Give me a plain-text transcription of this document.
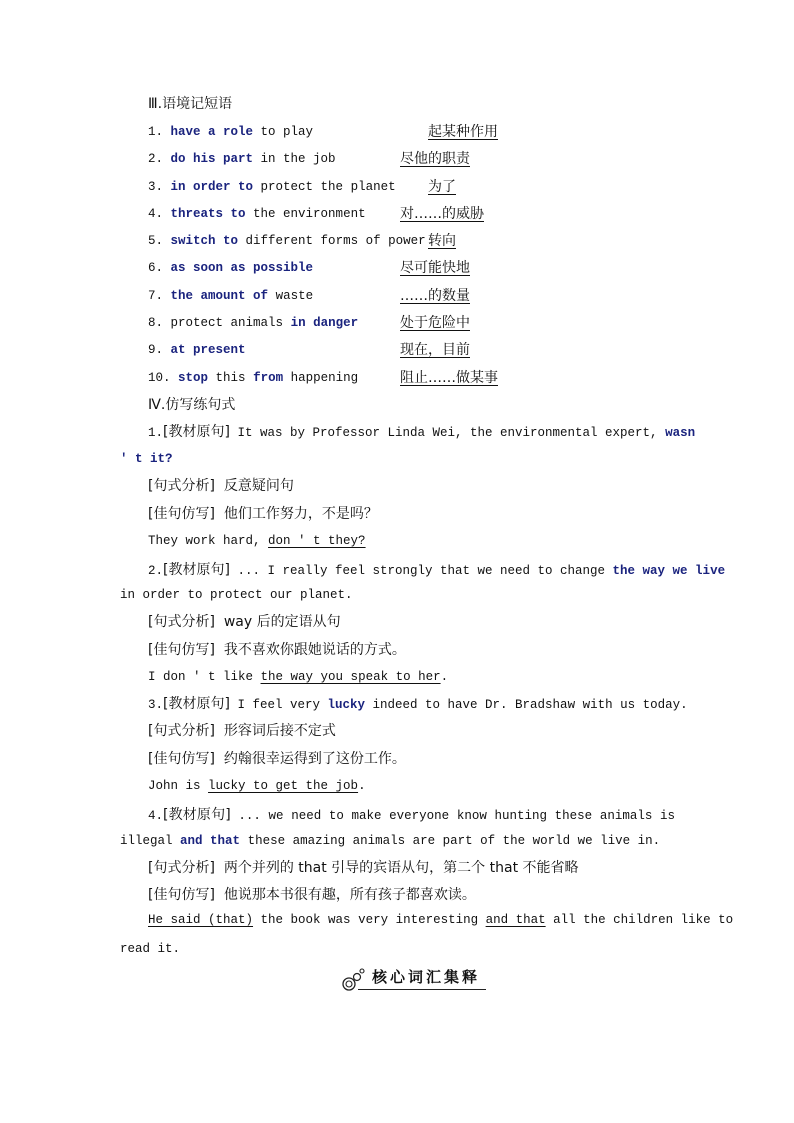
Ⅲ.语境记短语
1. have a role to play	起某种作用
2. do his part in the job	尽他的职责
3. in order to protect the planet 为了
4. threats to the environment 对……的威胁
5. switch to different forms of power 转向
6. as soon as possible	尽可能快地
7. the amount of waste	……的数量
8. protect animals in danger	处于危险中
9. at present	现在，目前
10. stop this from happening	阻止……做某事
Ⅳ.仿写练句式
1.[教材原句] It was by Professor Linda Wei, the environmental expert, wasn
' t it?
[句式分析] 反意疑问句
[佳句仿写] 他们工作努力，不是吗？
They work hard, don ' t they?
2.[教材原句] ... I really feel strongly that we need to change the way we live
in order to protect our planet.
[句式分析] way 后的定语从句
[佳句仿写] 我不喜欢你跟她说话的方式。
I don ' t like the way you speak to her.
3.[教材原句] I feel very lucky indeed to have Dr. Bradshaw with us today.
[句式分析] 形容词后接不定式
[佳句仿写] 约翰很幸运得到了这份工作。
John is lucky to get the job.
4.[教材原句] ... we need to make everyone know hunting these animals is
illegal and that these amazing animals are part of the world we live in.
[句式分析] 两个并列的 that 引导的宾语从句，第二个 that 不能省略
[佳句仿写] 他说那本书很有趣，所有孩子都喜欢读。
He said (that) the book was very interesting and that all the children like to
read it.
核心词汇集释
